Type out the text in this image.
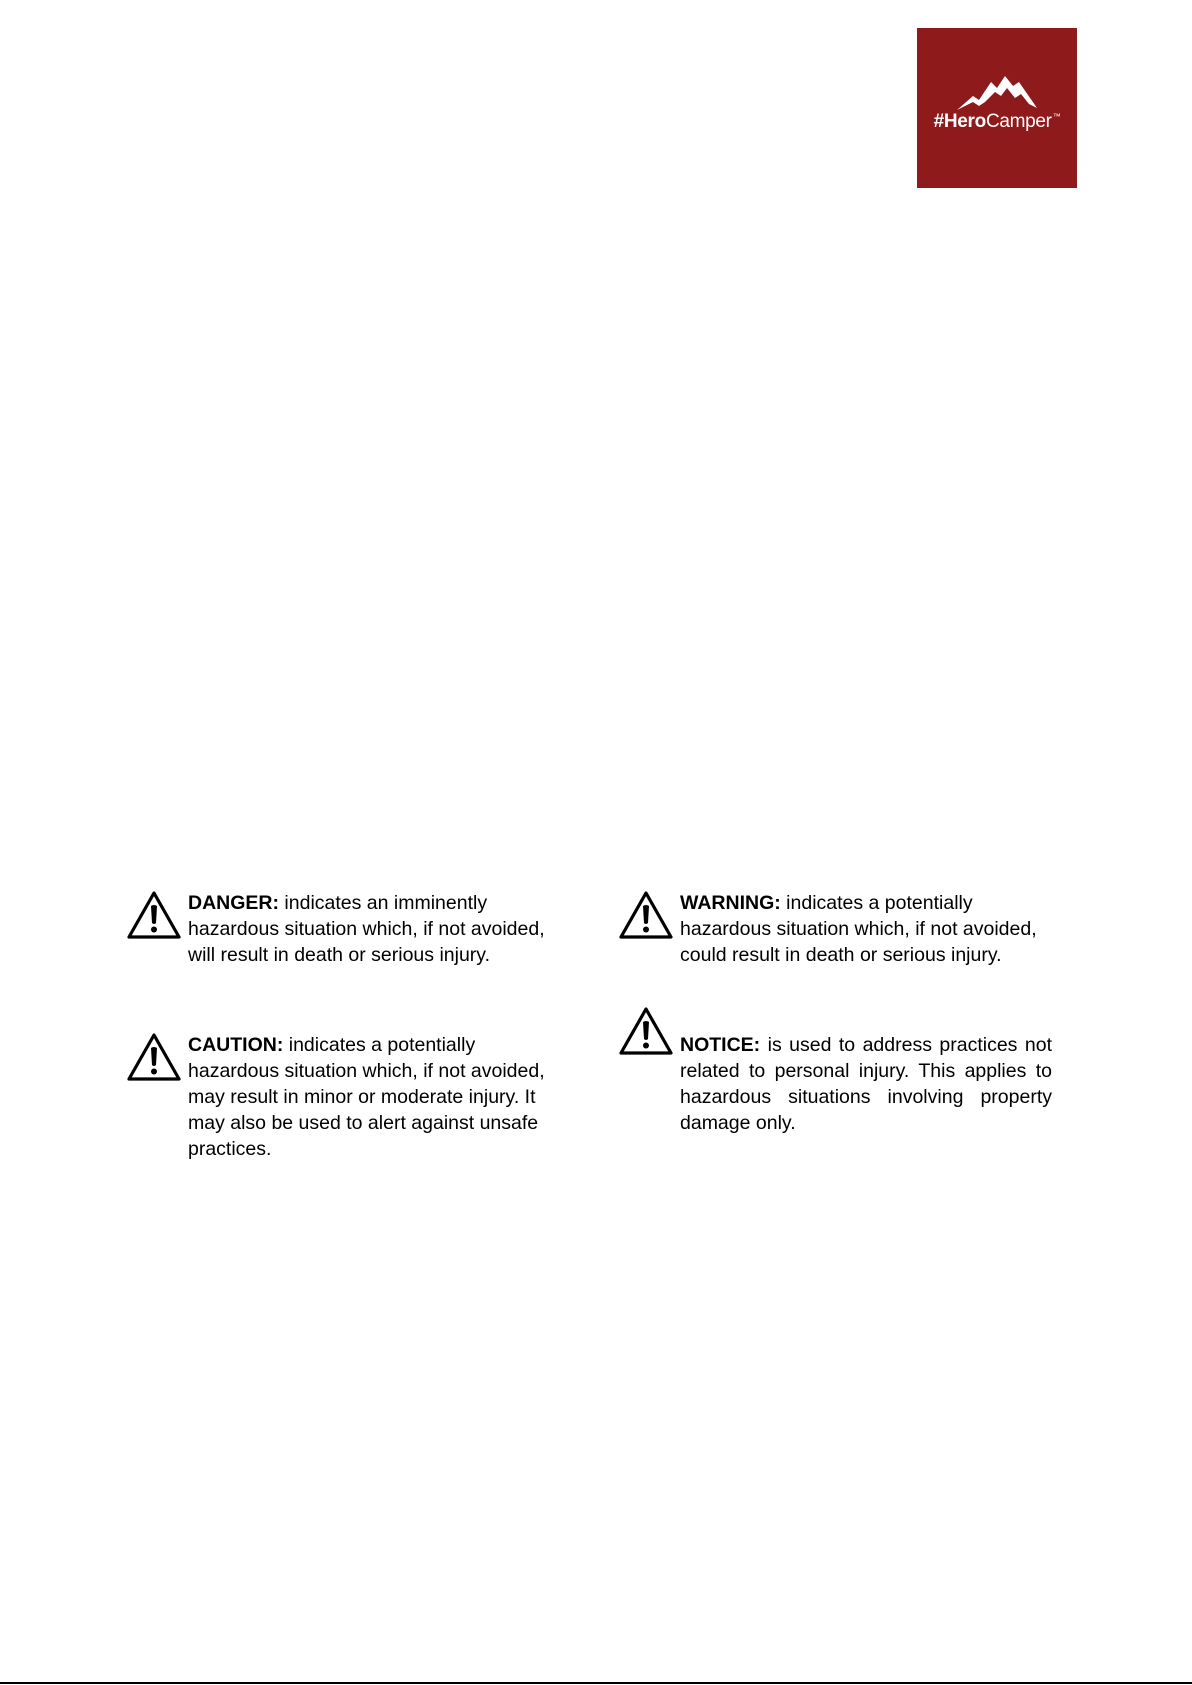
#HeroCamper™
DANGER: indicates an imminently hazardous situation which, if not avoided, will result in death or serious injury.
WARNING: indicates a potentially hazardous situation which, if not avoided, could result in death or serious injury.
CAUTION: indicates a potentially hazardous situation which, if not avoided, may result in minor or moderate injury. It may also be used to alert against unsafe practices.
NOTICE: is used to address practices not related to personal injury. This applies to hazardous situations involving property damage only.
